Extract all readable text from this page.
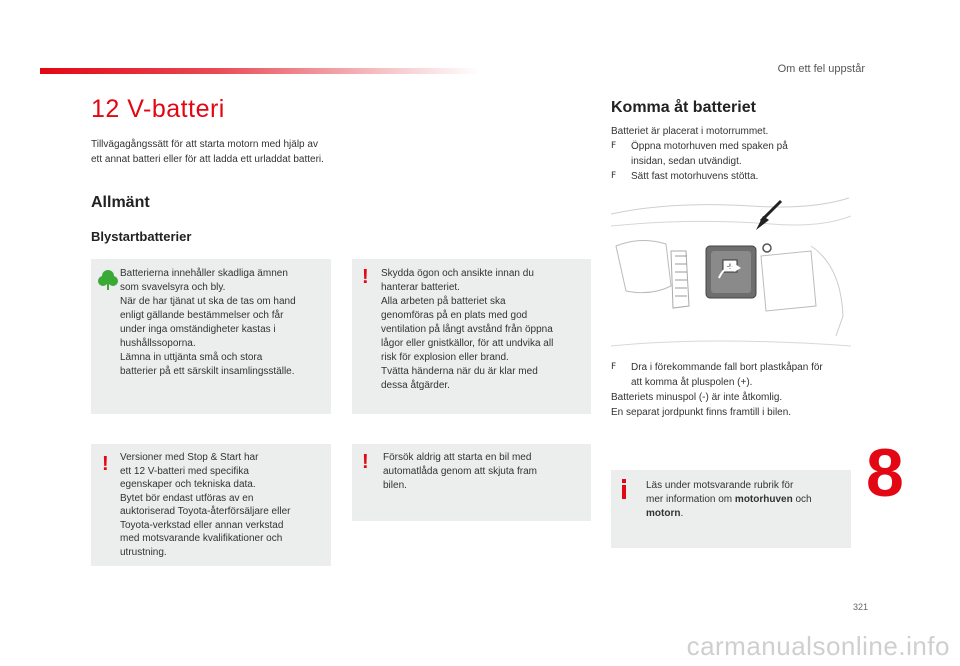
Om ett fel uppstår
12 V-batteri
Tillvägagångssätt för att starta motorn med hjälp av ett annat batteri eller för att ladda ett urladdat batteri.
Allmänt
Blystartbatterier
Batterierna innehåller skadliga ämnen
som svavelsyra och bly.
När de har tjänat ut ska de tas om hand
enligt gällande bestämmelser och får
under inga omständigheter kastas i
hushållssoporna.
Lämna in uttjänta små och stora
batterier på ett särskilt insamlingsställe.
! Skydda ögon och ansikte innan du
hanterar batteriet.
Alla arbeten på batteriet ska
genomföras på en plats med god
ventilation på långt avstånd från öppna
lågor eller gnistkällor, för att undvika all
risk för explosion eller brand.
Tvätta händerna när du är klar med
dessa åtgärder.
! Versioner med Stop & Start har
ett 12 V-batteri med specifika
egenskaper och tekniska data.
Bytet bör endast utföras av en
auktoriserad Toyota-återförsäljare eller
Toyota-verkstad eller annan verkstad
med motsvarande kvalifikationer och
utrustning.
! Försök aldrig att starta en bil med
automatlåda genom att skjuta fram
bilen.
Komma åt batteriet
Batteriet är placerat i motorrummet.
F Öppna motorhuven med spaken på
insidan, sedan utvändigt.
F Sätt fast motorhuvens stötta.
+
F Dra i förekommande fall bort plastkåpan för
att komma åt pluspolen (+).
Batteriets minuspol (-) är inte åtkomlig.
En separat jordpunkt finns framtill i bilen.
Läs under motsvarande rubrik för
mer information om motorhuven och
motorn.
8
321
carmanualsonline.info
